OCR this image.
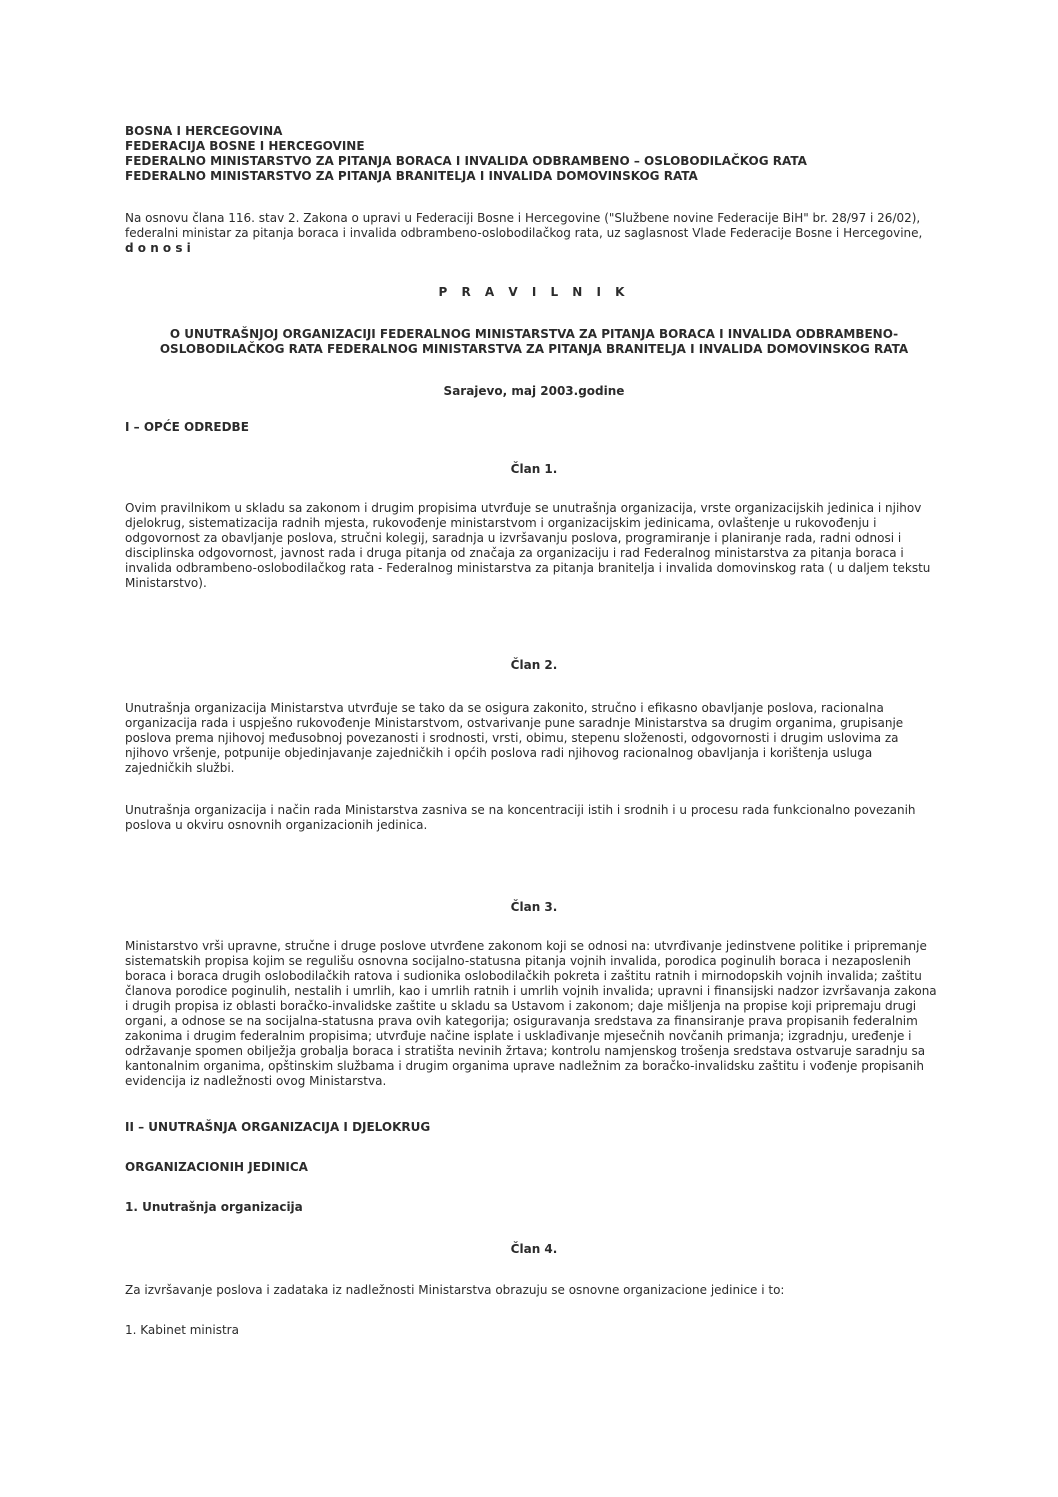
BOSNA I HERCEGOVINA
FEDERACIJA BOSNE I HERCEGOVINE
FEDERALNO MINISTARSTVO ZA PITANJA BORACA I INVALIDA ODBRAMBENO – OSLOBODILAČKOG RATA
FEDERALNO MINISTARSTVO ZA PITANJA BRANITELJA I INVALIDA DOMOVINSKOG RATA

Na osnovu člana 116. stav 2. Zakona o upravi u Federaciji Bosne i Hercegovine ("Službene novine Federacije BiH" br. 28/97 i 26/02), federalni ministar za pitanja boraca i invalida odbrambeno-oslobodilačkog rata, uz saglasnost Vlade Federacije Bosne i Hercegovine,

d o n o s i

P R A V I L N I K

O UNUTRAŠNJOJ ORGANIZACIJI FEDERALNOG MINISTARSTVA ZA PITANJA BORACA I INVALIDA ODBRAMBENO-OSLOBODILAČKOG RATA FEDERALNOG MINISTARSTVA ZA PITANJA BRANITELJA I INVALIDA DOMOVINSKOG RATA

Sarajevo, maj 2003.godine

I – OPĆE ODREDBE

Član 1.

Ovim pravilnikom u skladu sa zakonom i drugim propisima utvrđuje se unutrašnja organizacija, vrste organizacijskih jedinica i njihov djelokrug, sistematizacija radnih mjesta, rukovođenje ministarstvom i organizacijskim jedinicama, ovlaštenje u rukovođenju i odgovornost za obavljanje poslova, stručni kolegij, saradnja u izvršavanju poslova, programiranje i planiranje rada, radni odnosi i disciplinska odgovornost, javnost rada i druga pitanja od značaja za organizaciju i rad Federalnog ministarstva za pitanja boraca i invalida odbrambeno-oslobodilačkog rata - Federalnog ministarstva za pitanja branitelja i invalida domovinskog rata ( u daljem tekstu Ministarstvo).

Član 2.

Unutrašnja organizacija Ministarstva utvrđuje se tako da se osigura zakonito, stručno i efikasno obavljanje poslova, racionalna organizacija rada i uspješno rukovođenje Ministarstvom, ostvarivanje pune saradnje Ministarstva sa drugim organima, grupisanje poslova prema njihovoj međusobnoj povezanosti i srodnosti, vrsti, obimu, stepenu složenosti, odgovornosti i drugim uslovima za njihovo vršenje, potpunije objedinjavanje zajedničkih i općih poslova radi njihovog racionalnog obavljanja i korištenja usluga zajedničkih službi.

Unutrašnja organizacija i način rada Ministarstva zasniva se na koncentraciji istih i srodnih i u procesu rada funkcionalno povezanih poslova u okviru osnovnih organizacionih jedinica.

Član 3.

Ministarstvo vrši upravne, stručne i druge poslove utvrđene zakonom koji se odnosi na: utvrđivanje jedinstvene politike i pripremanje sistematskih propisa kojim se regulišu osnovna socijalno-statusna pitanja vojnih invalida, porodica poginulih boraca i nezaposlenih boraca i boraca drugih oslobodilačkih ratova i sudionika oslobodilačkih pokreta i zaštitu ratnih i mirnodopskih vojnih invalida; zaštitu članova porodice poginulih, nestalih i umrlih, kao i umrlih ratnih i umrlih vojnih invalida; upravni i finansijski nadzor izvršavanja zakona i drugih propisa iz oblasti boračko-invalidske zaštite u skladu sa Ustavom i zakonom; daje mišljenja na propise koji pripremaju drugi organi, a odnose se na socijalna-statusna prava ovih kategorija; osiguravanja sredstava za finansiranje prava propisanih federalnim zakonima i drugim federalnim propisima; utvrđuje načine isplate i usklađivanje mjesečnih novčanih primanja; izgradnju, uređenje i održavanje spomen obilježja grobalja boraca i stratišta nevinih žrtava; kontrolu namjenskog trošenja sredstava ostvaruje saradnju sa kantonalnim organima, opštinskim službama i drugim organima uprave nadležnim za boračko-invalidsku zaštitu i vođenje propisanih evidencija iz nadležnosti ovog Ministarstva.

II – UNUTRAŠNJA ORGANIZACIJA I DJELOKRUG

ORGANIZACIONIH JEDINICA

1. Unutrašnja organizacija

Član 4.

Za izvršavanje poslova i zadataka iz nadležnosti Ministarstva obrazuju se osnovne organizacione jedinice i to:

1. Kabinet ministra
